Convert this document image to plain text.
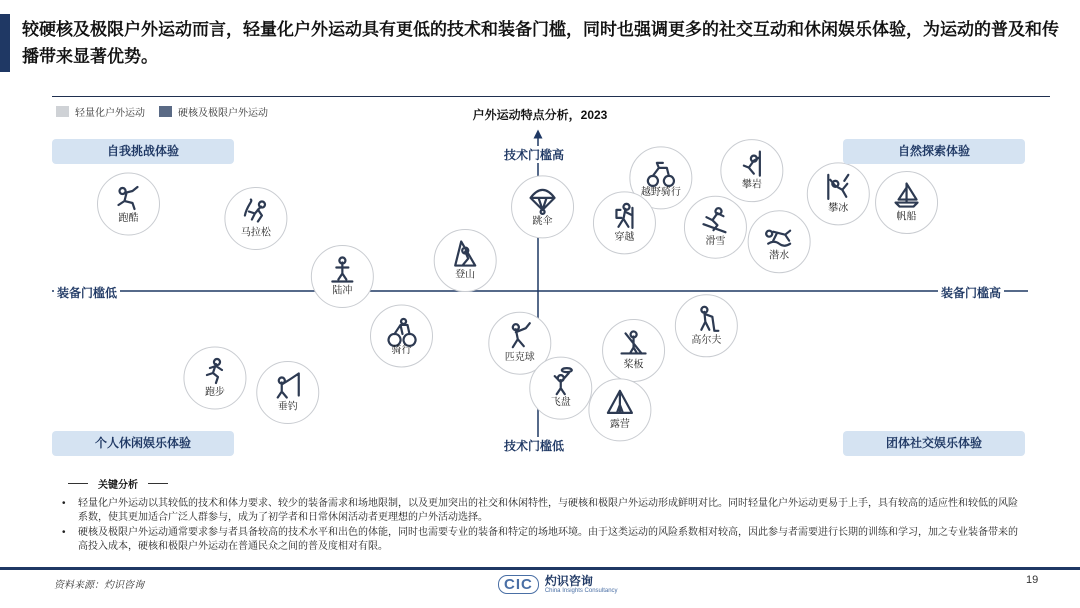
较硬核及极限户外运动而言，轻量化户外运动具有更低的技术和装备门槛，同时也强调更多的社交互动和休闲娱乐体验，为运动的普及和传播带来显著优势。
轻量化户外运动	硬核及极限户外运动	户外运动特点分析，2023
跑酷
马拉松
陆冲
登山
跳伞
越野骑行
穿越	滑雪
攀岩
潜水
攀冰
帆船
骑行
匹克球
跑步
垂钓	飞盘
桨板
高尔夫
露营
自我挑战体验	自然探索体验
个人休闲娱乐体验	团体社交娱乐体验
技术门槛高
技术门槛低
装备门槛低	装备门槛高
关键分析
• 轻量化户外运动以其较低的技术和体力要求、较少的装备需求和场地限制，以及更加突出的社交和休闲特性，与硬核和极限户外运动形成鲜明对比。同时轻量化户外运动更易于上手，具有较高的适应性和较低的风险系数，使其更加适合广泛人群参与，成为了初学者和日常休闲活动者更理想的户外活动选择。
• 硬核及极限户外运动通常要求参与者具备较高的技术水平和出色的体能，同时也需要专业的装备和特定的场地环境。由于这类运动的风险系数相对较高，因此参与者需要进行长期的训练和学习，加之专业装备带来的高投入成本，硬核和极限户外运动在普通民众之间的普及度相对有限。
资料来源：灼识咨询	CIC	灼识咨询
China Insights Consultancy
19
